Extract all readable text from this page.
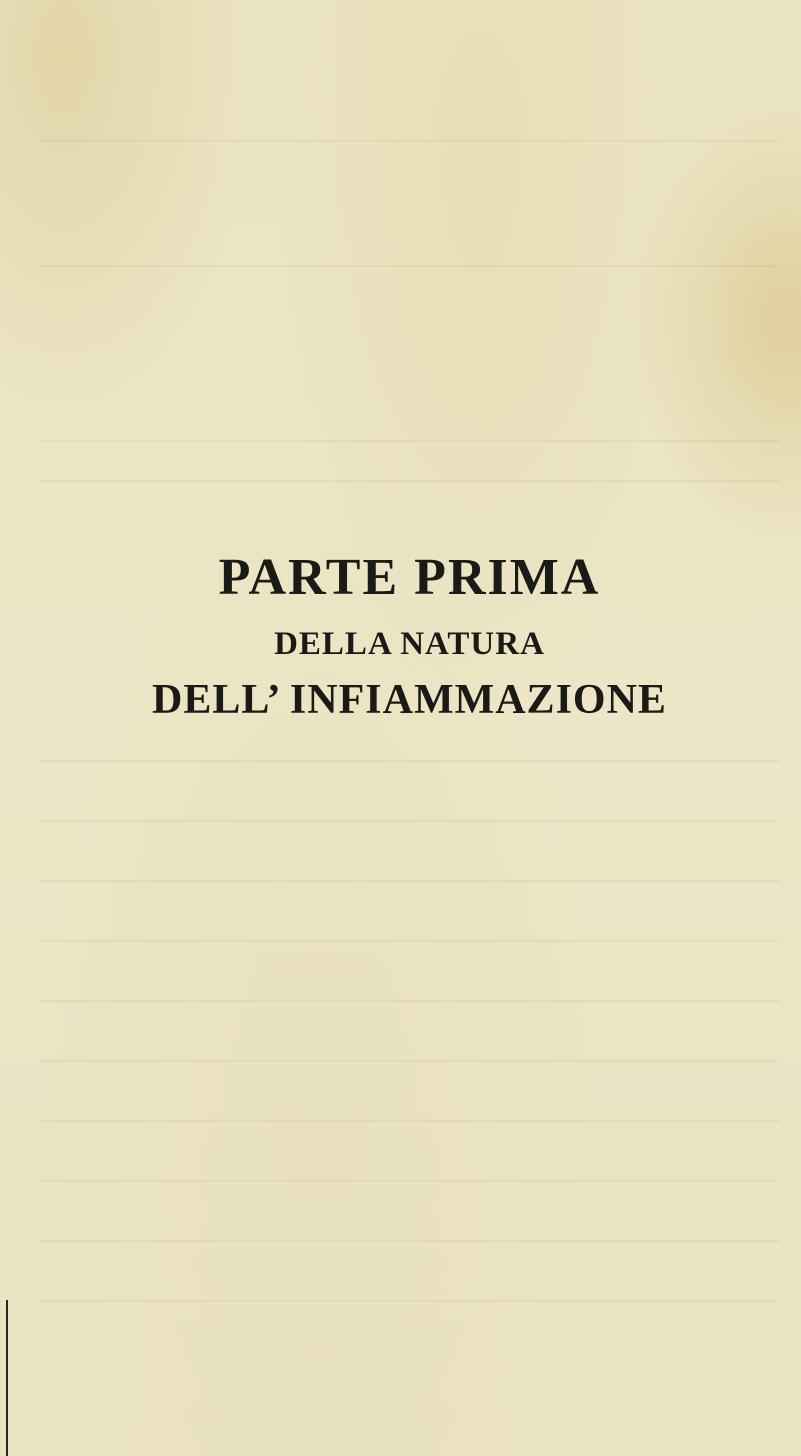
PARTE PRIMA
DELLA NATURA
DELL’ INFIAMMAZIONE
